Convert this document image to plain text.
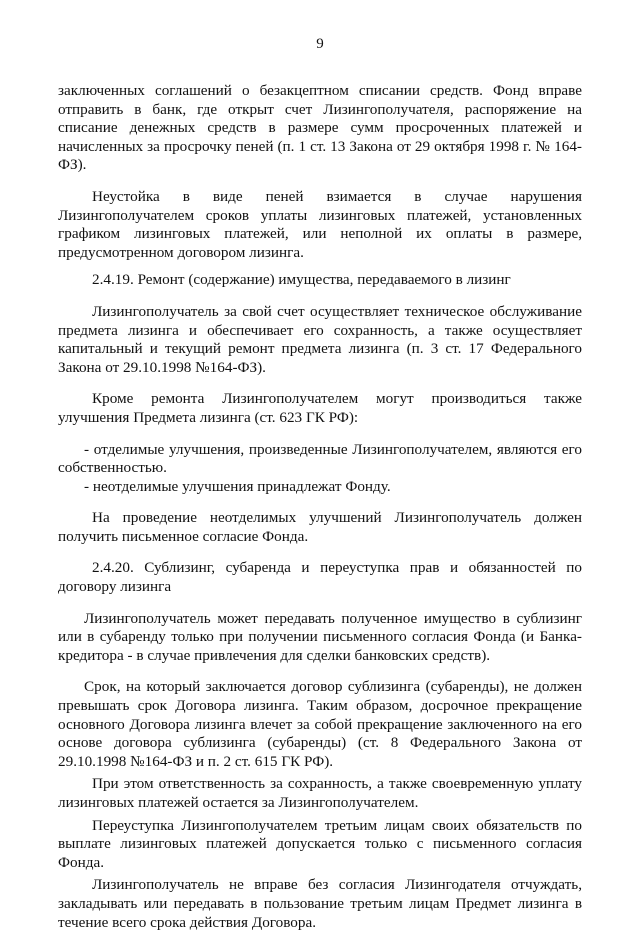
9

заключенных соглашений о безакцептном списании средств. Фонд вправе отправить в банк, где открыт счет Лизингополучателя, распоряжение на списание денежных средств в размере сумм просроченных платежей и начисленных за просрочку пеней (п. 1 ст. 13 Закона от 29 октября 1998 г. № 164-ФЗ).

Неустойка в виде пеней взимается в случае нарушения Лизингополучателем сроков уплаты лизинговых платежей, установленных графиком лизинговых платежей, или неполной их оплаты в размере, предусмотренном договором лизинга.

2.4.19. Ремонт (содержание) имущества, передаваемого в лизинг

Лизингополучатель за свой счет осуществляет техническое обслуживание предмета лизинга и обеспечивает его сохранность, а также осуществляет капитальный и текущий ремонт предмета лизинга (п. 3 ст. 17 Федерального Закона от 29.10.1998 №164-ФЗ).

Кроме ремонта Лизингополучателем могут производиться также улучшения Предмета лизинга (ст. 623 ГК РФ):

- отделимые улучшения, произведенные Лизингополучателем, являются его собственностью.

- неотделимые улучшения принадлежат Фонду.

На проведение неотделимых улучшений Лизингополучатель должен получить письменное согласие Фонда.

2.4.20. Сублизинг, субаренда и переуступка прав и обязанностей по договору лизинга

Лизингополучатель может передавать полученное имущество в сублизинг или в субаренду только при получении письменного согласия Фонда (и Банка-кредитора - в случае привлечения для сделки банковских средств).

Срок, на который заключается договор сублизинга (субаренды), не должен превышать срок Договора лизинга. Таким образом, досрочное прекращение основного Договора лизинга влечет за собой прекращение заключенного на его основе договора сублизинга (субаренды) (ст. 8 Федерального Закона от 29.10.1998 №164-ФЗ и п. 2 ст. 615 ГК РФ).

При этом ответственность за сохранность, а также своевременную уплату лизинговых платежей остается за Лизингополучателем.

Переуступка Лизингополучателем третьим лицам своих обязательств по выплате лизинговых платежей допускается только с письменного согласия Фонда.

Лизингополучатель не вправе без согласия Лизингодателя отчуждать, закладывать или передавать в пользование третьим лицам Предмет лизинга в течение всего срока действия Договора.
